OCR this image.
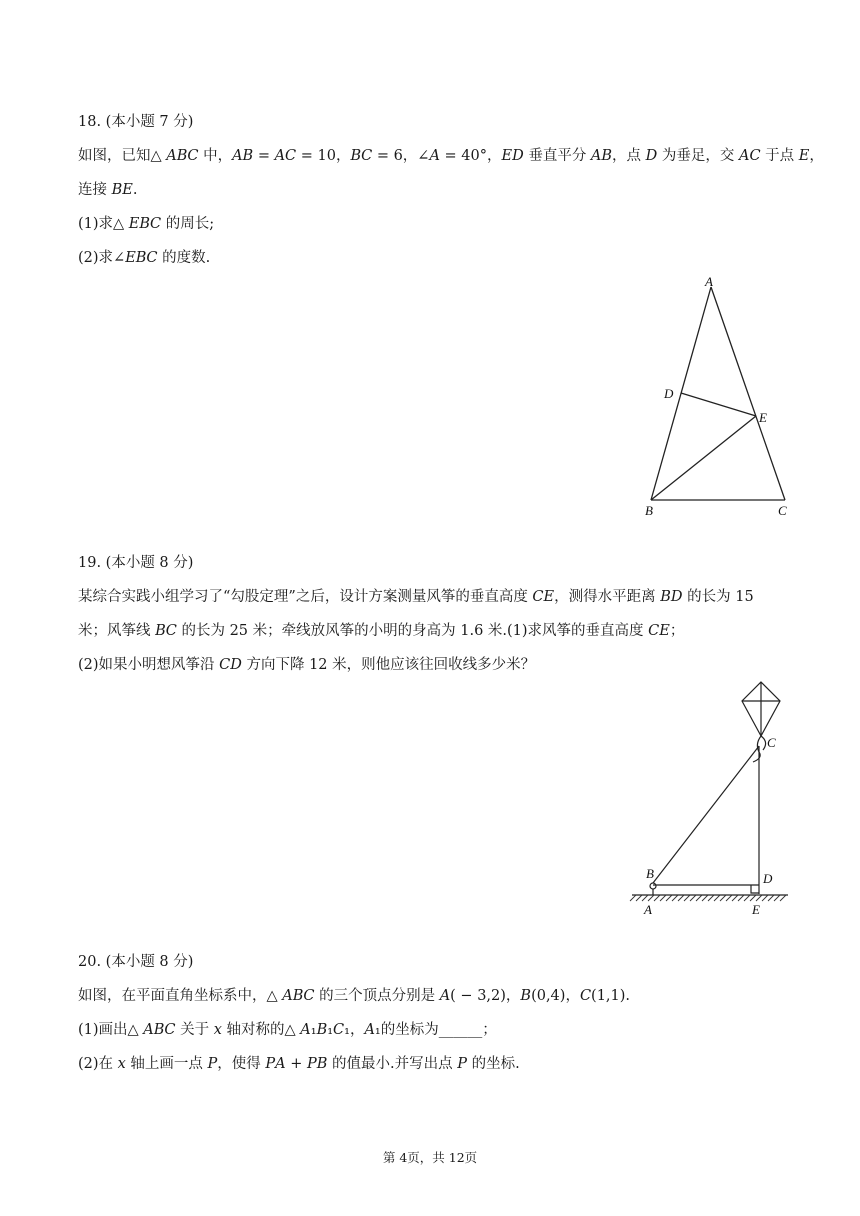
18. (本小题 7 分)
如图，已知△ 𝐴𝐵𝐶 中，𝐴𝐵 = 𝐴𝐶 = 10，𝐵𝐶 = 6，∠𝐴 = 40°，𝐸𝐷 垂直平分 𝐴𝐵，点 𝐷 为垂足，交 𝐴𝐶 于点 𝐸，
连接 𝐵𝐸.
(1)求△ 𝐸𝐵𝐶 的周长;
(2)求∠𝐸𝐵𝐶 的度数.
A
D
E
B	C
19. (本小题 8 分)
某综合实践小组学习了“勾股定理”之后，设计方案测量风筝的垂直高度 𝐶𝐸，测得水平距离 𝐵𝐷 的长为 15
米；风筝线 𝐵𝐶 的长为 25 米；牵线放风筝的小明的身高为 1.6 米.(1)求风筝的垂直高度 𝐶𝐸；
(2)如果小明想风筝沿 𝐶𝐷 方向下降 12 米，则他应该往回收线多少米？
C
B	D
A	E
20. (本小题 8 分)
如图，在平面直角坐标系中，△ 𝐴𝐵𝐶 的三个顶点分别是 𝐴( − 3,2)，𝐵(0,4)，𝐶(1,1).
(1)画出△ 𝐴𝐵𝐶 关于 𝑥 轴对称的△ 𝐴₁𝐵₁𝐶₁，𝐴₁的坐标为______；
(2)在 𝑥 轴上画一点 𝑃，使得 𝑃𝐴 + 𝑃𝐵 的值最小.并写出点 𝑃 的坐标.
第 4页，共 12页
